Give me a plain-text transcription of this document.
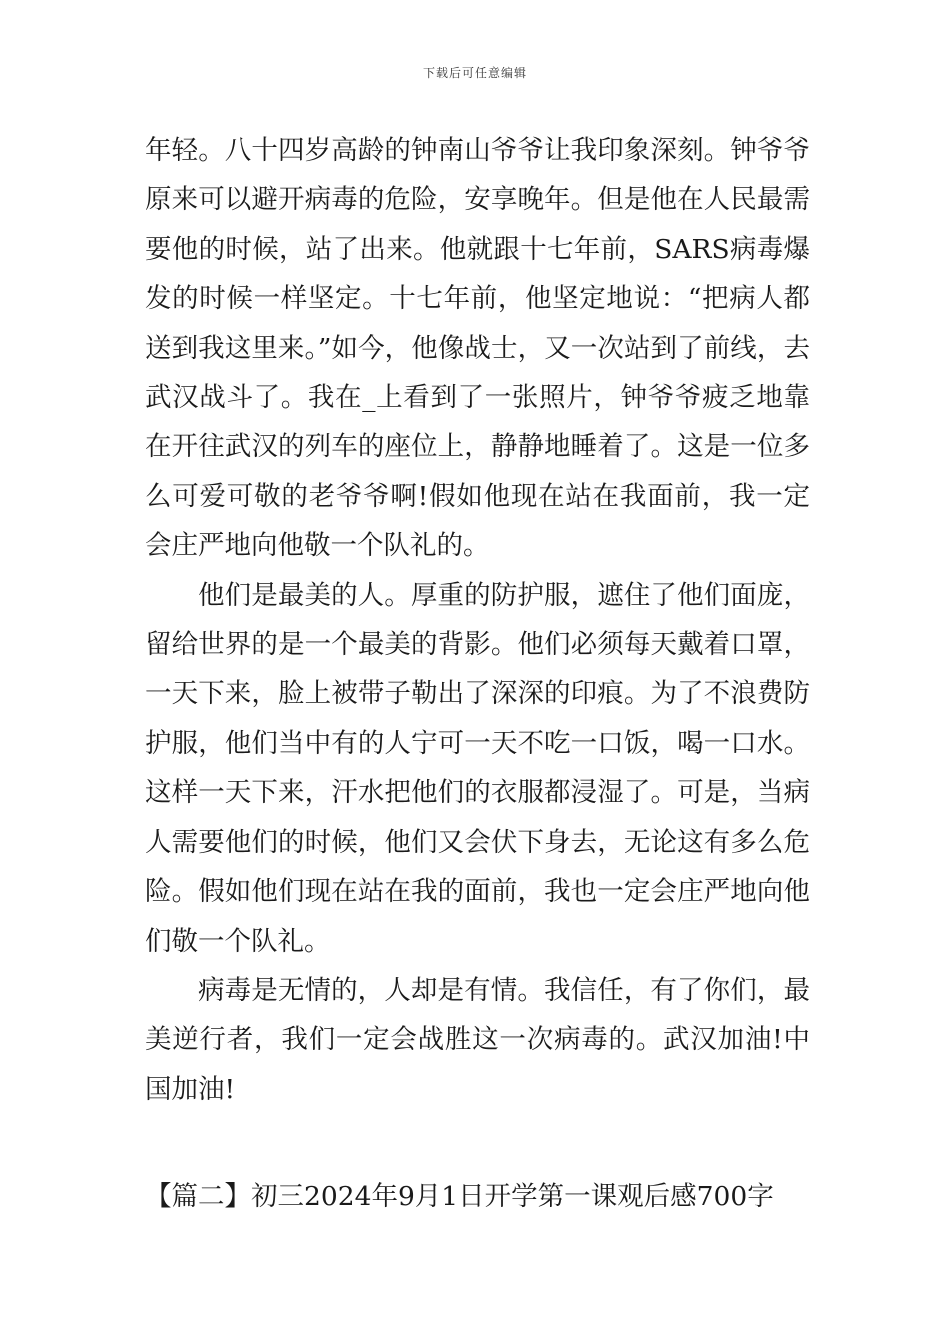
下载后可任意编辑

年轻。八十四岁高龄的钟南山爷爷让我印象深刻。钟爷爷原来可以避开病毒的危险，安享晚年。但是他在人民最需要他的时候，站了出来。他就跟十七年前，SARS病毒爆发的时候一样坚定。十七年前，他坚定地说：“把病人都送到我这里来。”如今，他像战士，又一次站到了前线，去武汉战斗了。我在_上看到了一张照片，钟爷爷疲乏地靠在开往武汉的列车的座位上，静静地睡着了。这是一位多么可爱可敬的老爷爷啊!假如他现在站在我面前，我一定会庄严地向他敬一个队礼的。

他们是最美的人。厚重的防护服，遮住了他们面庞，留给世界的是一个最美的背影。他们必须每天戴着口罩，一天下来，脸上被带子勒出了深深的印痕。为了不浪费防护服，他们当中有的人宁可一天不吃一口饭，喝一口水。这样一天下来，汗水把他们的衣服都浸湿了。可是，当病人需要他们的时候，他们又会伏下身去，无论这有多么危险。假如他们现在站在我的面前，我也一定会庄严地向他们敬一个队礼。

病毒是无情的，人却是有情。我信任，有了你们，最美逆行者，我们一定会战胜这一次病毒的。武汉加油!中国加油!

【篇二】初三2024年9月1日开学第一课观后感700字
